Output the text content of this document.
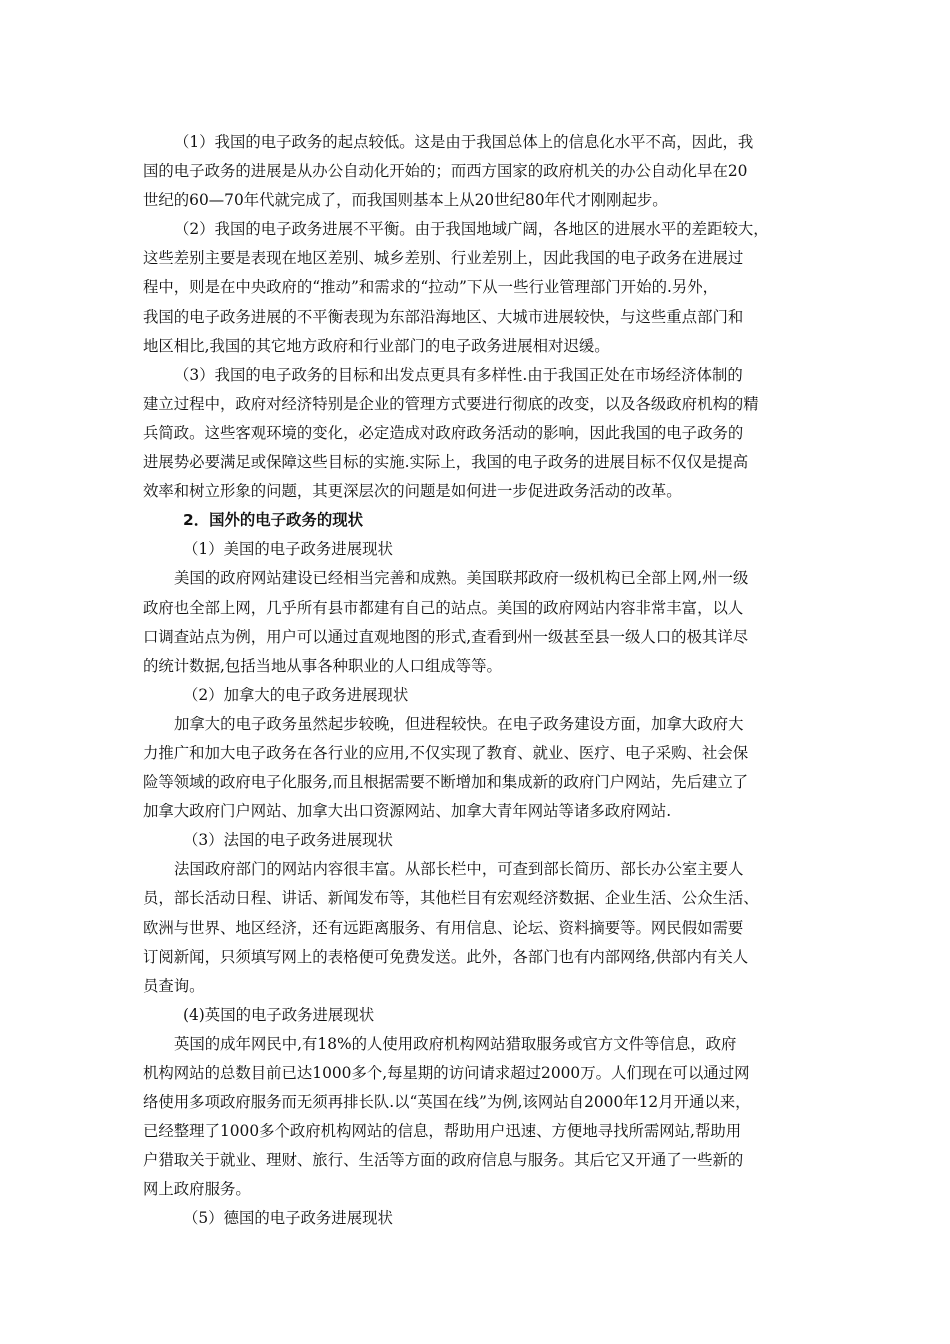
（1）我国的电子政务的起点较低。这是由于我国总体上的信息化水平不高，因此，我
国的电子政务的进展是从办公自动化开始的；而西方国家的政府机关的办公自动化早在20
世纪的60—70年代就完成了，而我国则基本上从20世纪80年代才刚刚起步。
（2）我国的电子政务进展不平衡。由于我国地域广阔，各地区的进展水平的差距较大，
这些差别主要是表现在地区差别、城乡差别、行业差别上，因此我国的电子政务在进展过
程中，则是在中央政府的“推动”和需求的“拉动”下从一些行业管理部门开始的.另外，
我国的电子政务进展的不平衡表现为东部沿海地区、大城市进展较快，与这些重点部门和
地区相比,我国的其它地方政府和行业部门的电子政务进展相对迟缓。
（3）我国的电子政务的目标和出发点更具有多样性.由于我国正处在市场经济体制的
建立过程中，政府对经济特别是企业的管理方式要进行彻底的改变，以及各级政府机构的精
兵简政。这些客观环境的变化，必定造成对政府政务活动的影响，因此我国的电子政务的
进展势必要满足或保障这些目标的实施.实际上，我国的电子政务的进展目标不仅仅是提高
效率和树立形象的问题，其更深层次的问题是如何进一步促进政务活动的改革。
2．国外的电子政务的现状
（1）美国的电子政务进展现状
美国的政府网站建设已经相当完善和成熟。美国联邦政府一级机构已全部上网,州一级
政府也全部上网，几乎所有县市都建有自己的站点。美国的政府网站内容非常丰富，以人
口调查站点为例，用户可以通过直观地图的形式,查看到州一级甚至县一级人口的极其详尽
的统计数据,包括当地从事各种职业的人口组成等等。
（2）加拿大的电子政务进展现状
加拿大的电子政务虽然起步较晚，但进程较快。在电子政务建设方面，加拿大政府大
力推广和加大电子政务在各行业的应用,不仅实现了教育、就业、医疗、电子采购、社会保
险等领域的政府电子化服务,而且根据需要不断增加和集成新的政府门户网站，先后建立了
加拿大政府门户网站、加拿大出口资源网站、加拿大青年网站等诸多政府网站.
（3）法国的电子政务进展现状
法国政府部门的网站内容很丰富。从部长栏中，可查到部长简历、部长办公室主要人
员，部长活动日程、讲话、新闻发布等，其他栏目有宏观经济数据、企业生活、公众生活、
欧洲与世界、地区经济，还有远距离服务、有用信息、论坛、资料摘要等。网民假如需要
订阅新闻，只须填写网上的表格便可免费发送。此外，各部门也有内部网络,供部内有关人
员查询。
(4)英国的电子政务进展现状
英国的成年网民中,有18%的人使用政府机构网站猎取服务或官方文件等信息，政府
机构网站的总数目前已达1000多个,每星期的访问请求超过2000万。人们现在可以通过网
络使用多项政府服务而无须再排长队.以“英国在线”为例,该网站自2000年12月开通以来，
已经整理了1000多个政府机构网站的信息，帮助用户迅速、方便地寻找所需网站,帮助用
户猎取关于就业、理财、旅行、生活等方面的政府信息与服务。其后它又开通了一些新的
网上政府服务。
（5）德国的电子政务进展现状
